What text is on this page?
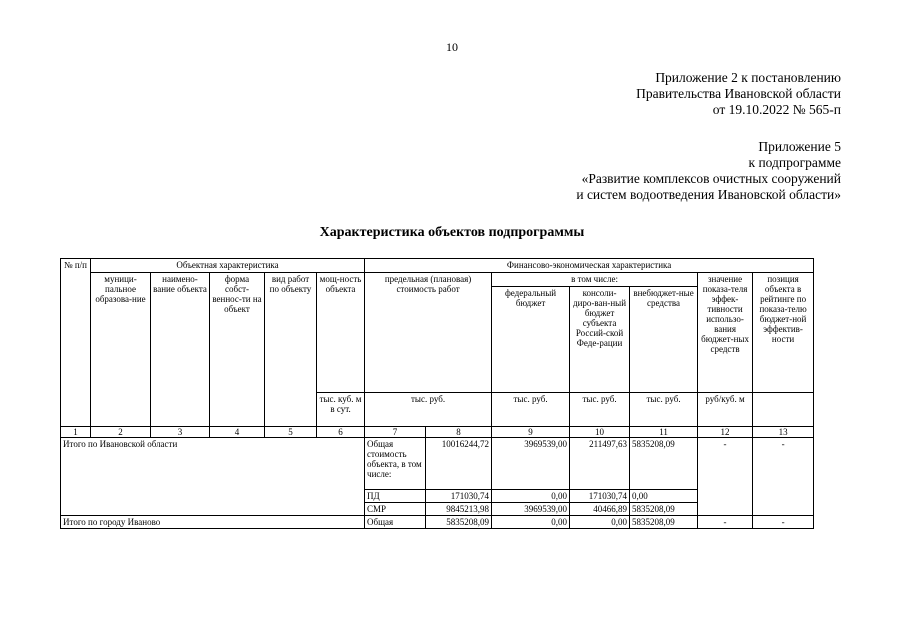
10
Приложение 2 к постановлению
Правительства Ивановской области
от 19.10.2022 № 565-п
Приложение 5
к подпрограмме
«Развитие комплексов очистных сооружений
и систем водоотведения Ивановской области»
Характеристика объектов подпрограммы
№ п/п	Объектная характеристика					Финансово-экономическая характеристика						
	муници-пальное образова-ние	наимено-вание объекта	форма собст-веннос-ти на объект	вид работ по объекту	мощ-ность объекта	предельная (плановая) стоимость работ		в том числе:			значение показа-теля эффек-тивности использо-вания бюджет-ных средств	позиция объекта в рейтинге по показа-телю бюджет-ной эффектив-ности
								федеральный бюджет	консоли-диро-ван-ный бюджет субъекта Россий-ской Феде-рации	внебюджет-ные средства		
					тыс. куб. м в сут.	тыс. руб.		тыс. руб.	тыс. руб.	тыс. руб.	руб/куб. м	
1	2	3	4	5	6	7	8	9	10	11	12	13
Итого по Ивановской области						Общая стоимость объекта, в том числе:	10016244,72	3969539,00	211497,63	5835208,09	-	-
						ПД	171030,74	0,00	171030,74	0,00		
						СМР	9845213,98	3969539,00	40466,89	5835208,09		
Итого по городу Иваново						Общая	5835208,09	0,00	0,00	5835208,09	-	-
